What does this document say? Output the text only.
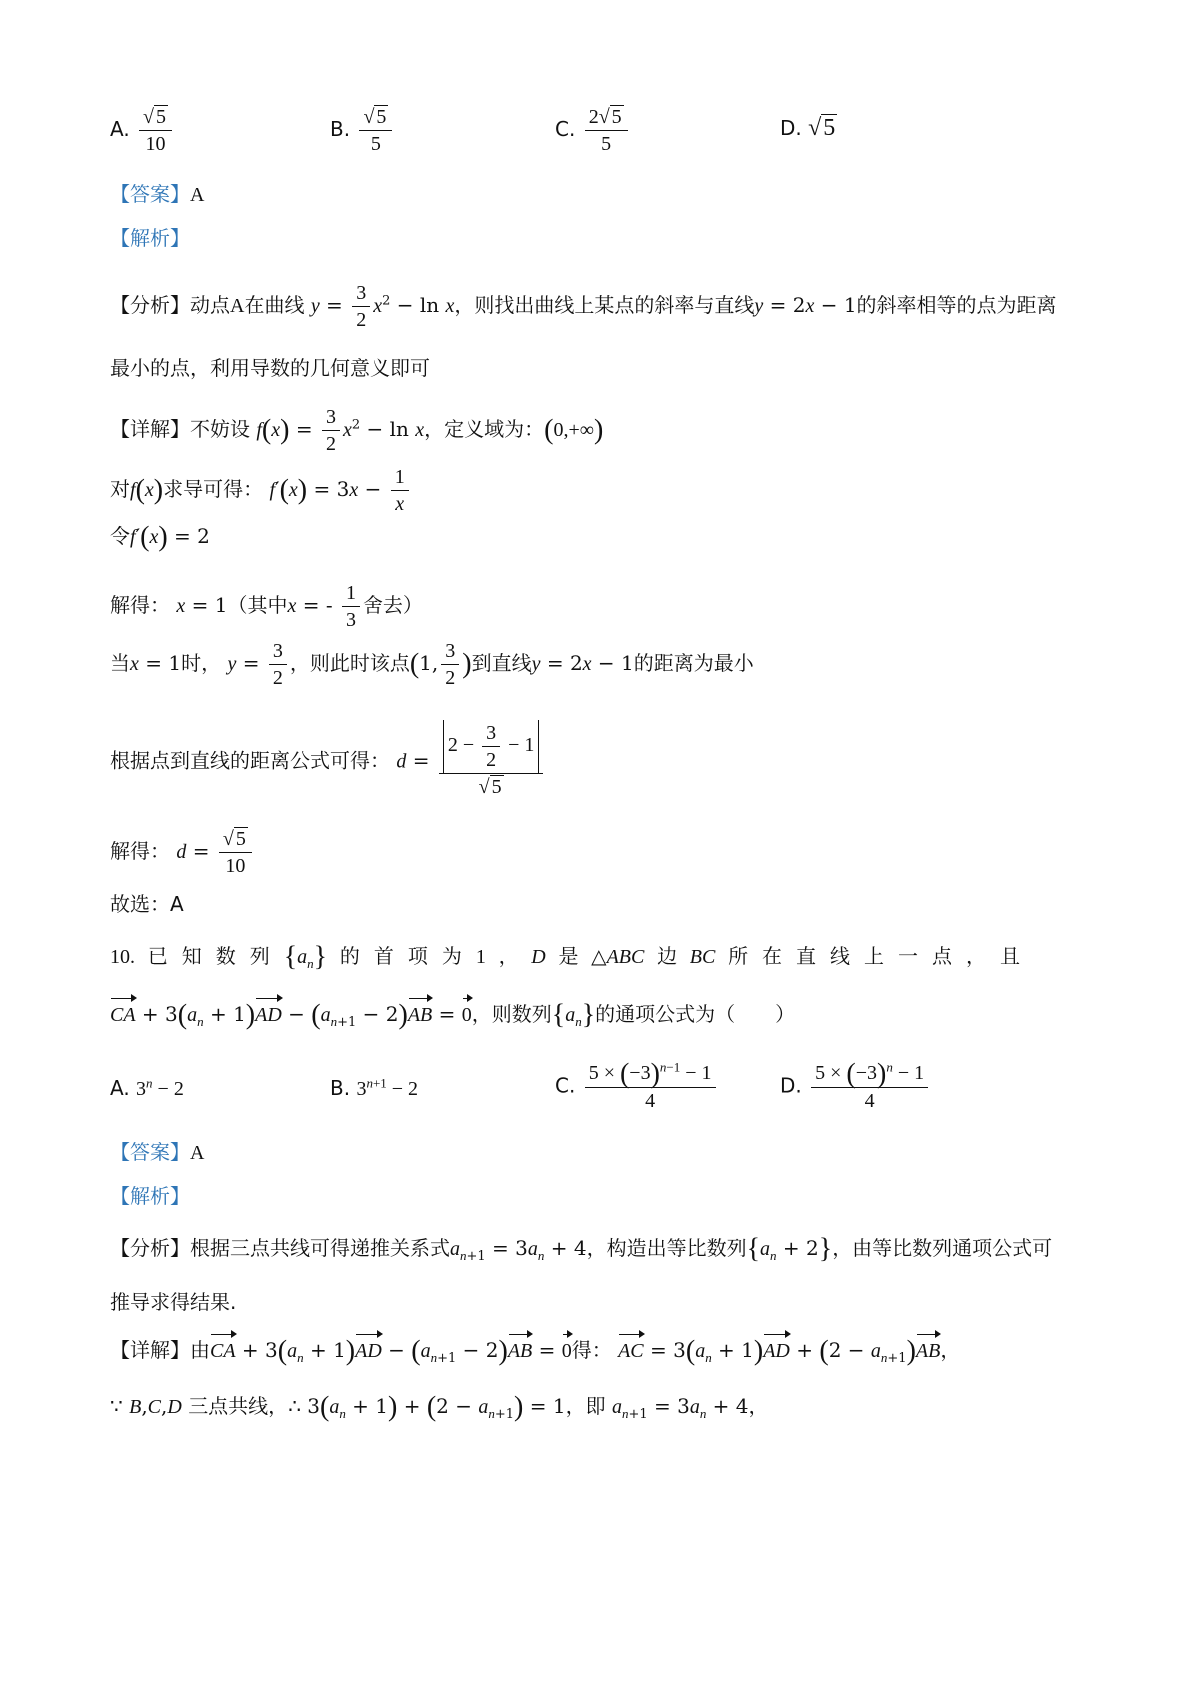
A. $\frac{√ 5}{10}$	B. $\frac{√ 5}{5}$	C. $\frac{2√ 5}{5}$	D. √5
【答案】A
【解析】
【分析】动点A在曲线 $y = \frac{3}{2} x^2 - \ln x$，则找出曲线上某点的斜率与直线y = 2x − 1的斜率相等的点为距离
最小的点，利用导数的几何意义即可
【详解】不妨设 $f(x) = \frac{3}{2} x^2 - \ln x$，定义域为：(0,+∞)
对f(x)求导可得： $f'(x) = 3x - \frac{1}{x}$
令f′(x) = 2
解得： x = 1（其中x = - $\frac{1}{3}$ 舍去）
当x = 1时， $y = \frac{3}{2}$ ，则此时该点(1, $\frac{3}{2}$ )到直线y = 2x − 1的距离为最小
根据点到直线的距离公式可得： $d = \frac{2 - \frac{3}{2} - 1}{√ 5}$
解得： $d = \frac{√ 5}{10}$
故选：A
10. 已知数列$\{a_n\}$ 的首项为1 ， D 是  △ABC 边 BC 所在直线上一点，且
CA + $3(a_n + 1)AD - (a_{n+1} - 2)AB = 0$，则数列$\{a_n\}$的通项公式为（　　）
A. $3^n - 2$	B. $3^{n+1} - 2$	C. $\frac{5 \times (-3)^{n-1} - 1}{4}$	D. $\frac{5 \times (-3)^n - 1}{4}$
【答案】A
【解析】
【分析】根据三点共线可得递推关系式$a_{n+1} = 3a_n + 4$，构造出等比数列$\{a_n + 2\}$，由等比数列通项公式可
推导求得结果.
【详解】由CA + $3(a_n + 1)AD - (a_{n+1} - 2)AB = 0$得： AC = $3(a_n + 1)AD + (2 - a_{n+1})AB$，
∵ B,C,D 三点共线，∴ $3(a_n + 1) + (2 - a_{n+1}) = 1$，即 $a_{n+1} = 3a_n + 4$，
